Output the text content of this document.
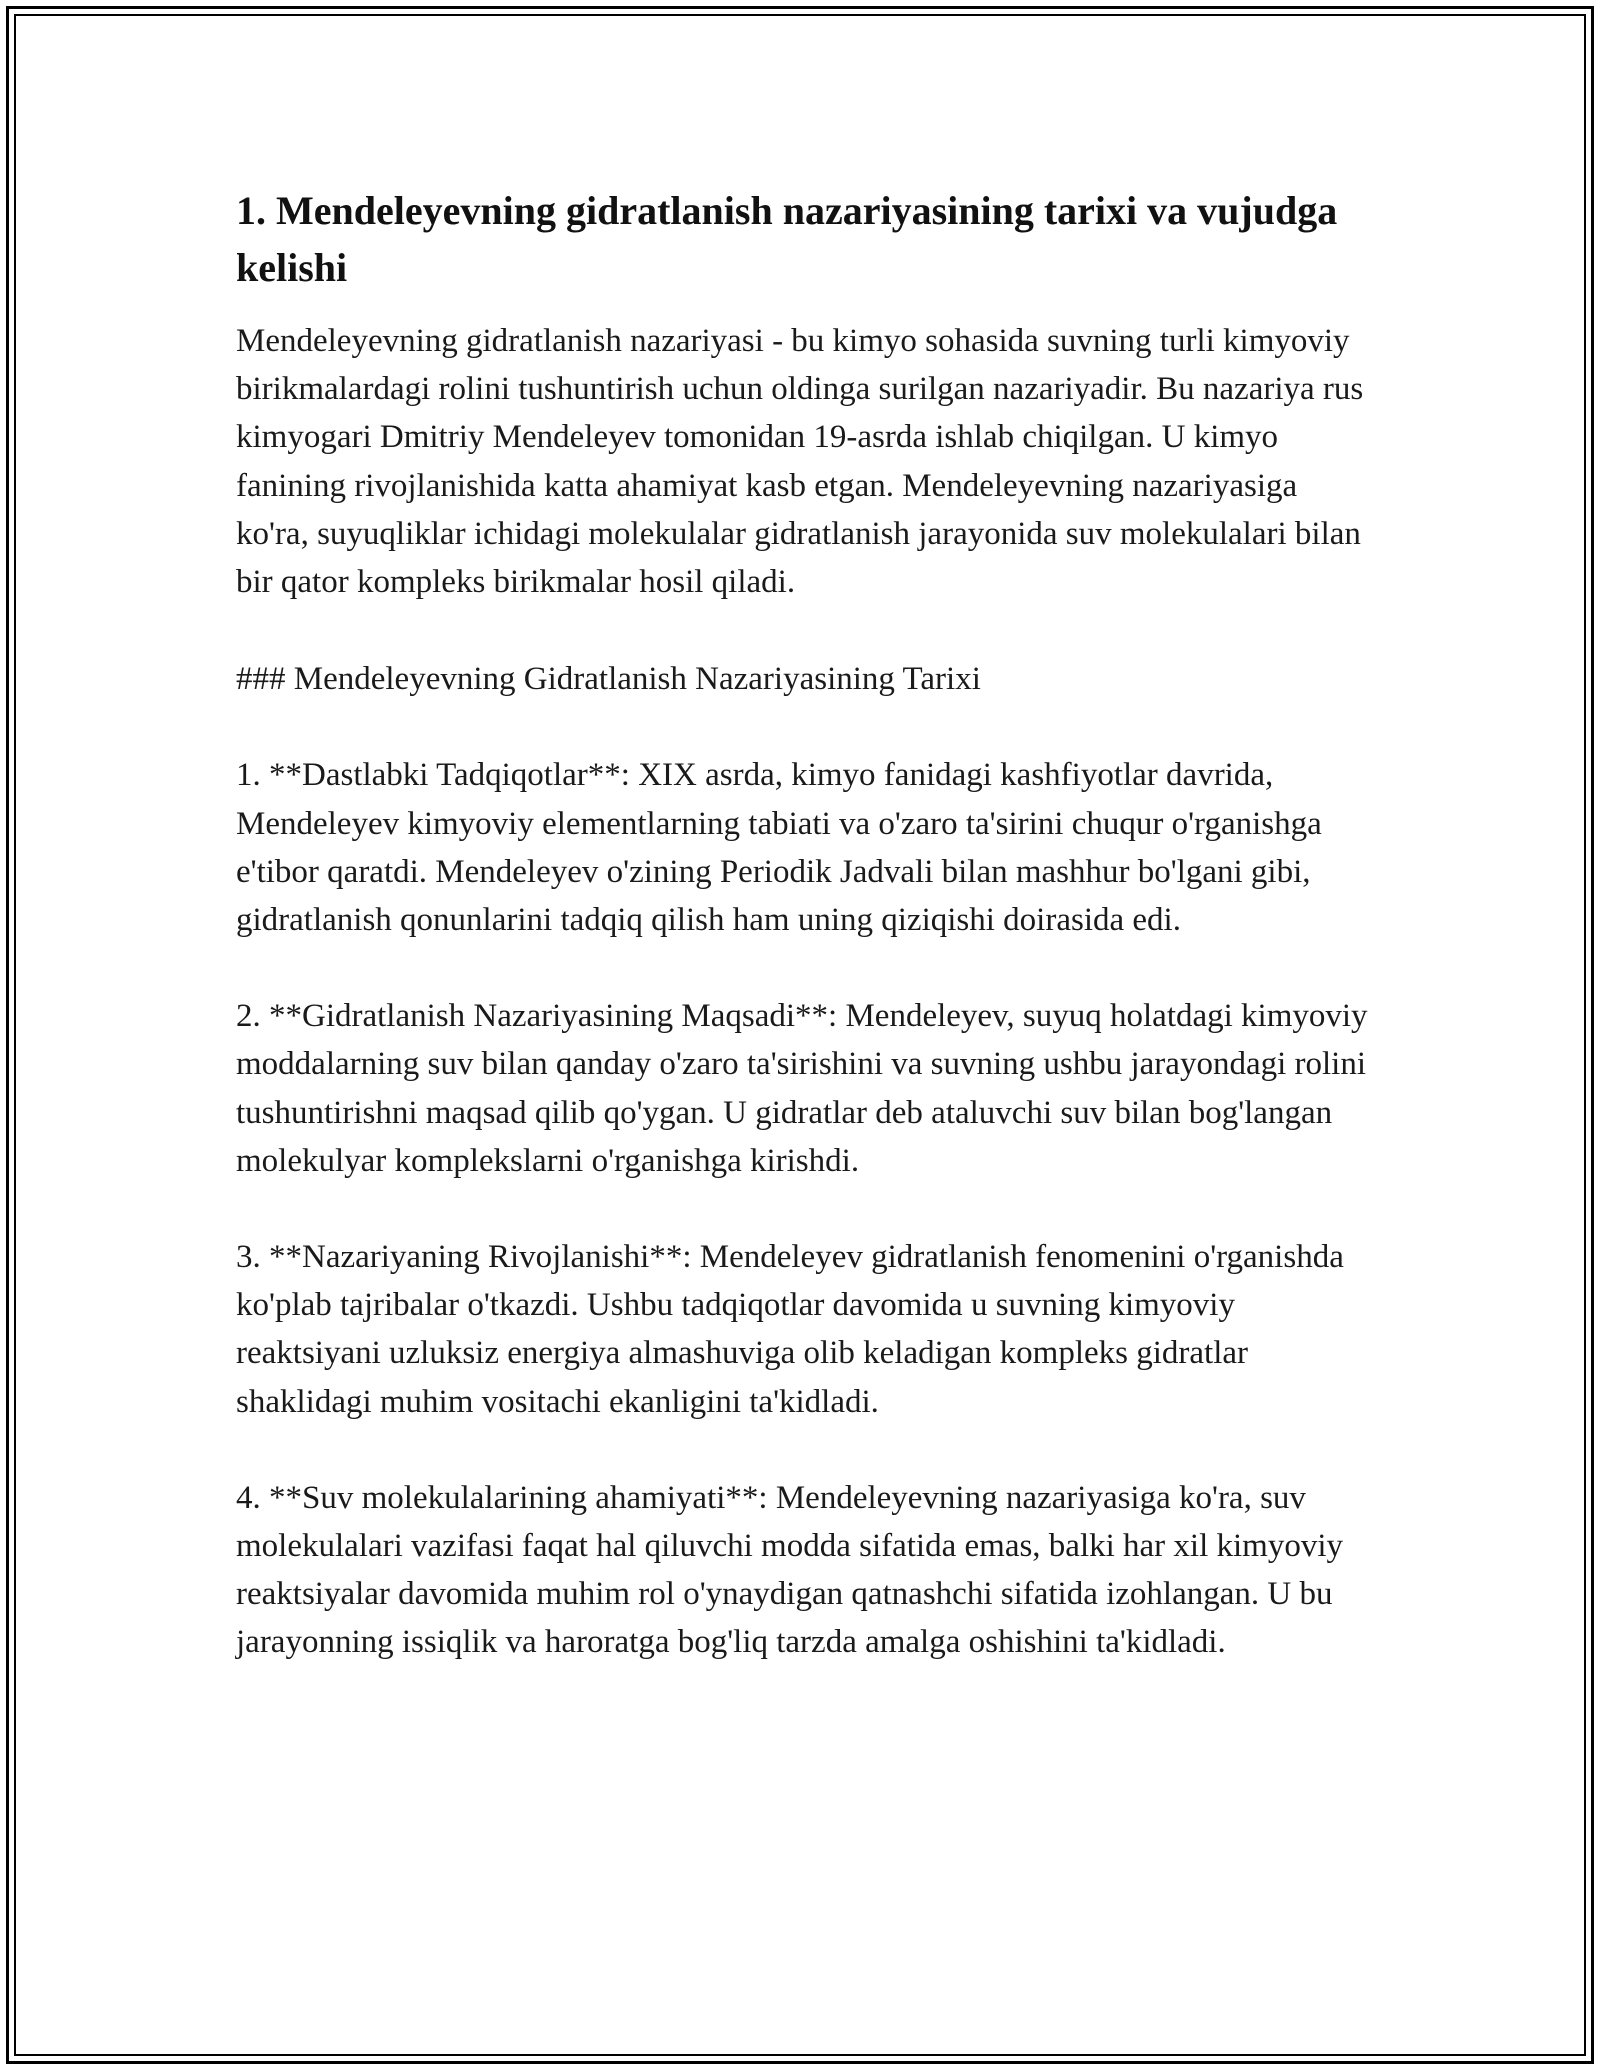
1. Mendeleyevning gidratlanish nazariyasining tarixi va vujudga kelishi

Mendeleyevning gidratlanish nazariyasi - bu kimyo sohasida suvning turli kimyoviy birikmalardagi rolini tushuntirish uchun oldinga surilgan nazariyadir. Bu nazariya rus kimyogari Dmitriy Mendeleyev tomonidan 19-asrda ishlab chiqilgan. U kimyo fanining rivojlanishida katta ahamiyat kasb etgan. Mendeleyevning nazariyasiga ko'ra, suyuqliklar ichidagi molekulalar gidratlanish jarayonida suv molekulalari bilan bir qator kompleks birikmalar hosil qiladi.

### Mendeleyevning Gidratlanish Nazariyasining Tarixi

1. **Dastlabki Tadqiqotlar**: XIX asrda, kimyo fanidagi kashfiyotlar davrida, Mendeleyev kimyoviy elementlarning tabiati va o'zaro ta'sirini chuqur o'rganishga e'tibor qaratdi. Mendeleyev o'zining Periodik Jadvali bilan mashhur bo'lgani gibi, gidratlanish qonunlarini tadqiq qilish ham uning qiziqishi doirasida edi.

2. **Gidratlanish Nazariyasining Maqsadi**: Mendeleyev, suyuq holatdagi kimyoviy moddalarning suv bilan qanday o'zaro ta'sirishini va suvning ushbu jarayondagi rolini tushuntirishni maqsad qilib qo'ygan. U gidratlar deb ataluvchi suv bilan bog'langan molekulyar komplekslarni o'rganishga kirishdi.

3. **Nazariyaning Rivojlanishi**: Mendeleyev gidratlanish fenomenini o'rganishda ko'plab tajribalar o'tkazdi. Ushbu tadqiqotlar davomida u suvning kimyoviy reaktsiyani uzluksiz energiya almashuviga olib keladigan kompleks gidratlar shaklidagi muhim vositachi ekanligini ta'kidladi.

4. **Suv molekulalarining ahamiyati**: Mendeleyevning nazariyasiga ko'ra, suv molekulalari vazifasi faqat hal qiluvchi modda sifatida emas, balki har xil kimyoviy reaktsiyalar davomida muhim rol o'ynaydigan qatnashchi sifatida izohlangan. U bu jarayonning issiqlik va haroratga bog'liq tarzda amalga oshishini ta'kidladi.
